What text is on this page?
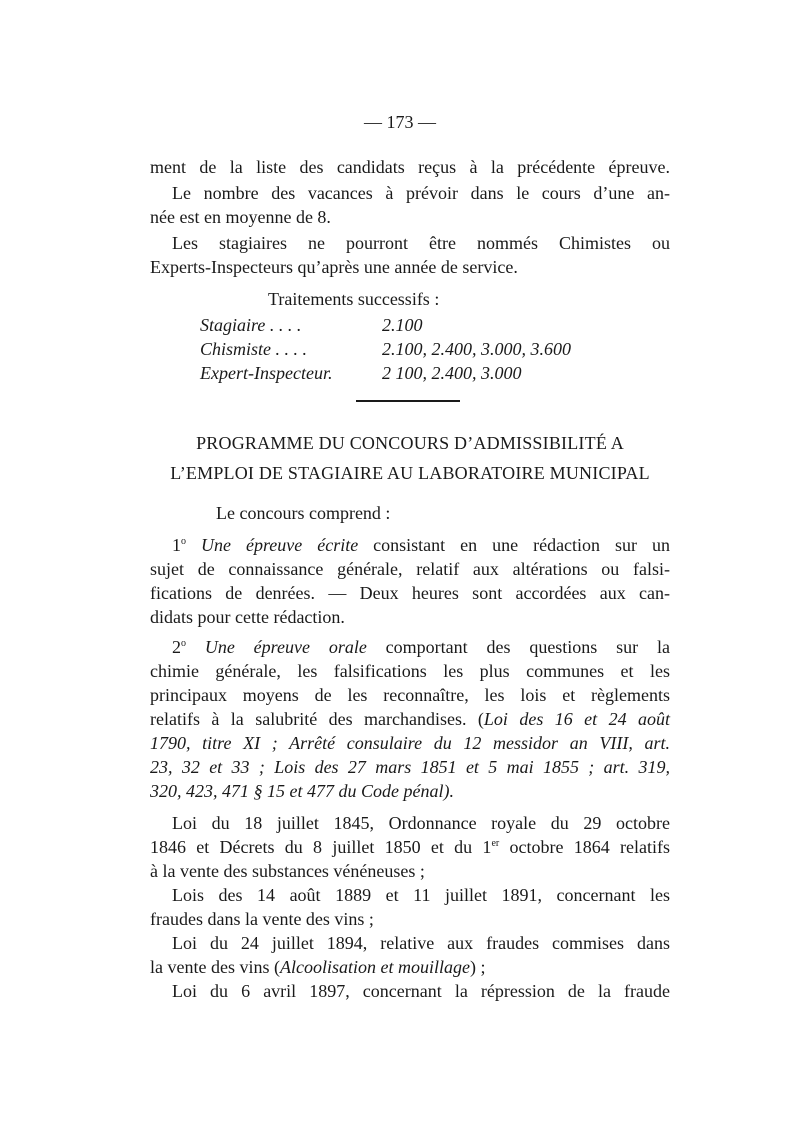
— 173 —
ment de la liste des candidats reçus à la précédente épreuve.
Le nombre des vacances à prévoir dans le cours d’une an-
née est en moyenne de 8.
Les stagiaires ne pourront être nommés Chimistes ou
Experts-Inspecteurs qu’après une année de service.
Traitements successifs :
Stagiaire . . . .	2.100
Chismiste . . . .	2.100, 2.400, 3.000, 3.600
Expert-Inspecteur.	2 100, 2.400, 3.000
PROGRAMME DU CONCOURS D’ADMISSIBILITÉ A
L’EMPLOI DE STAGIAIRE AU LABORATOIRE MUNICIPAL
Le concours comprend :
1$^o$ Une épreuve écrite consistant en une rédaction sur un
sujet de connaissance générale, relatif aux altérations ou falsi-
fications de denrées. — Deux heures sont accordées aux can-
didats pour cette rédaction.
2$^o$ Une épreuve orale comportant des questions sur la
chimie générale, les falsifications les plus communes et les
principaux moyens de les reconnaître, les lois et règlements
relatifs à la salubrité des marchandises. (Loi des 16 et 24 août
1790, titre XI ; Arrêté consulaire du 12 messidor an VIII, art.
23, 32 et 33 ; Lois des 27 mars 1851 et 5 mai 1855 ; art. 319,
320, 423, 471 § 15 et 477 du Code pénal).
Loi du 18 juillet 1845, Ordonnance royale du 29 octobre
1846 et Décrets du 8 juillet 1850 et du 1er octobre 1864 relatifs
à la vente des substances vénéneuses ;
Lois des 14 août 1889 et 11 juillet 1891, concernant les
fraudes dans la vente des vins ;
Loi du 24 juillet 1894, relative aux fraudes commises dans
la vente des vins (Alcoolisation et mouillage) ;
Loi du 6 avril 1897, concernant la répression de la fraude
